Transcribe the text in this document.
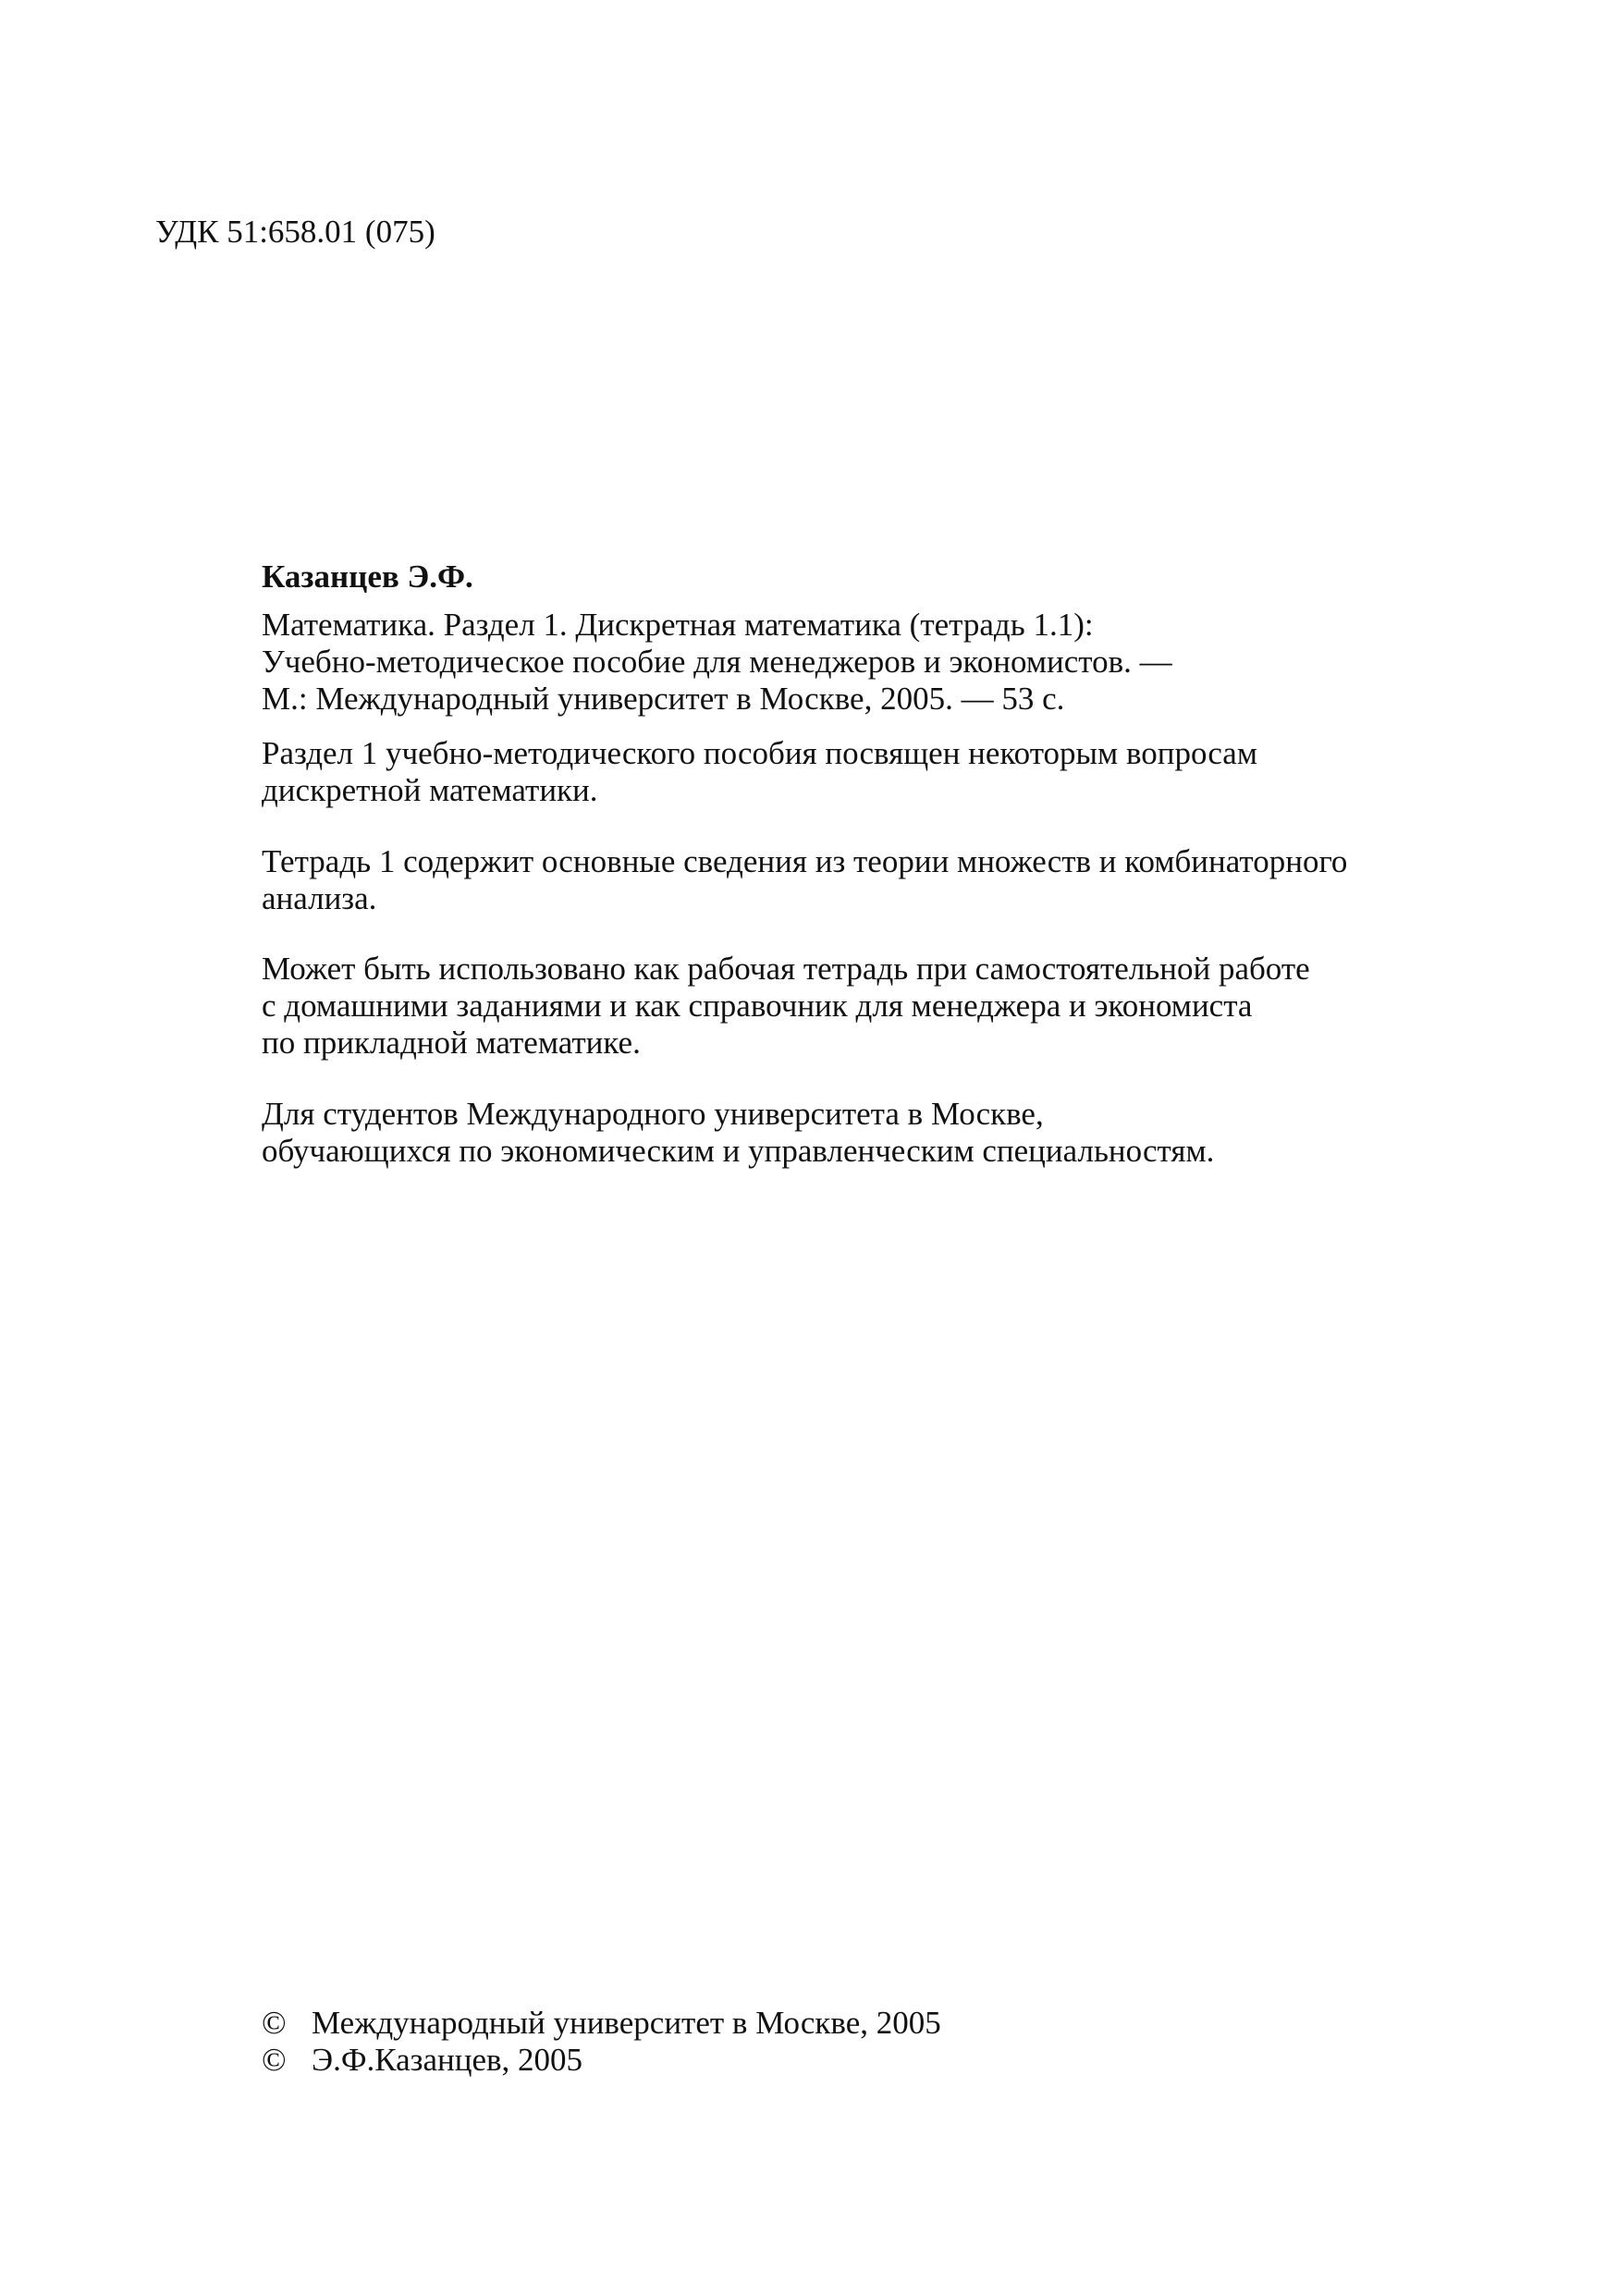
УДК 51:658.01 (075)

Казанцев Э.Ф.

Математика. Раздел 1. Дискретная математика (тетрадь 1.1):
Учебно-методическое пособие для менеджеров и экономистов. —
М.: Международный университет в Москве, 2005. — 53 с.
Раздел 1 учебно-методического пособия посвящен некоторым вопросам
дискретной математики.
Тетрадь 1 содержит основные сведения из теории множеств и комбинаторного
анализа.
Может быть использовано как рабочая тетрадь при самостоятельной работе
с домашними заданиями и как справочник для менеджера и экономиста
по прикладной математике.
Для студентов Международного университета в Москве,
обучающихся по экономическим и управленческим специальностям.

© Международный университет в Москве, 2005

© Э.Ф.Казанцев, 2005
